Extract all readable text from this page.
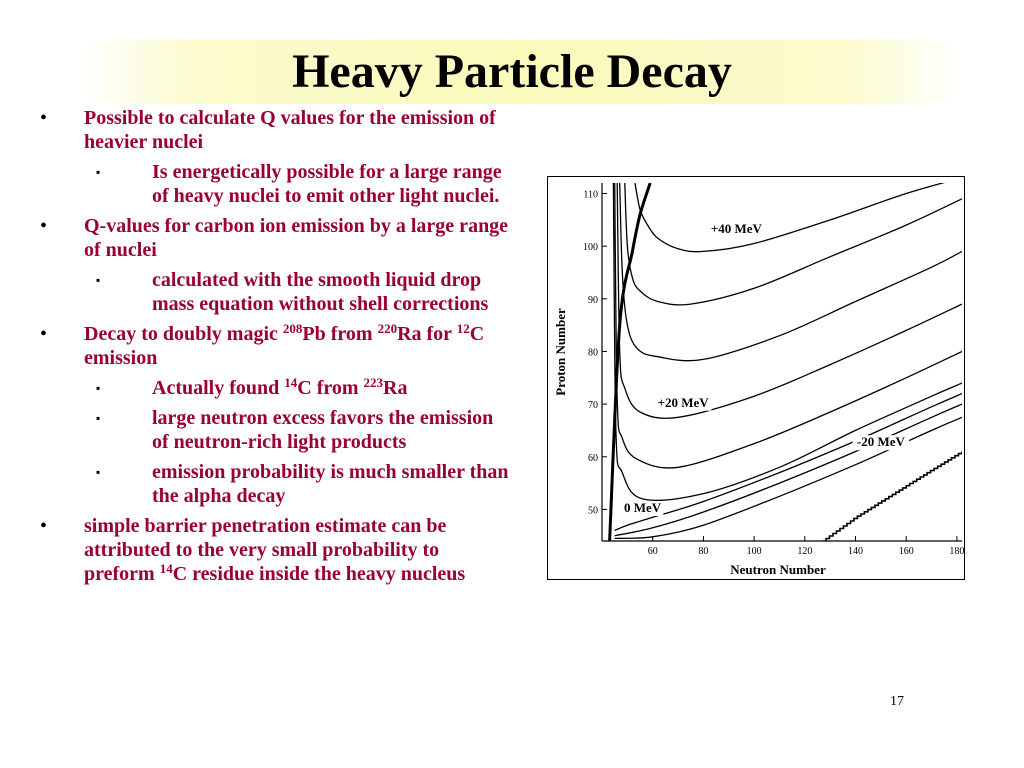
Heavy Particle Decay
•	Possible to calculate Q values for the emission of heavier nuclei
▪	Is energetically possible for a large range of heavy nuclei to emit other light nuclei.
•	Q-values for carbon ion emission by a large range of nuclei
▪	calculated with the smooth liquid drop mass equation without shell corrections
•	Decay to doubly magic $^{208}$Pb from $^{220}$Ra for $^{12}$C emission
▪	Actually found $^{14}$C from $^{223}$Ra
▪	large neutron excess favors the emission of neutron-rich light products
▪	emission probability is much smaller than the alpha decay
•	simple barrier penetration estimate can be attributed to the very small probability to preform $^{14}$C residue inside the heavy nucleus
60	80	100	120	140	160	180
50
60
70
80
90
100
110
Neutron Number
Proton Number
+40 MeV
+20 MeV
0 MeV
-20 MeV
17
